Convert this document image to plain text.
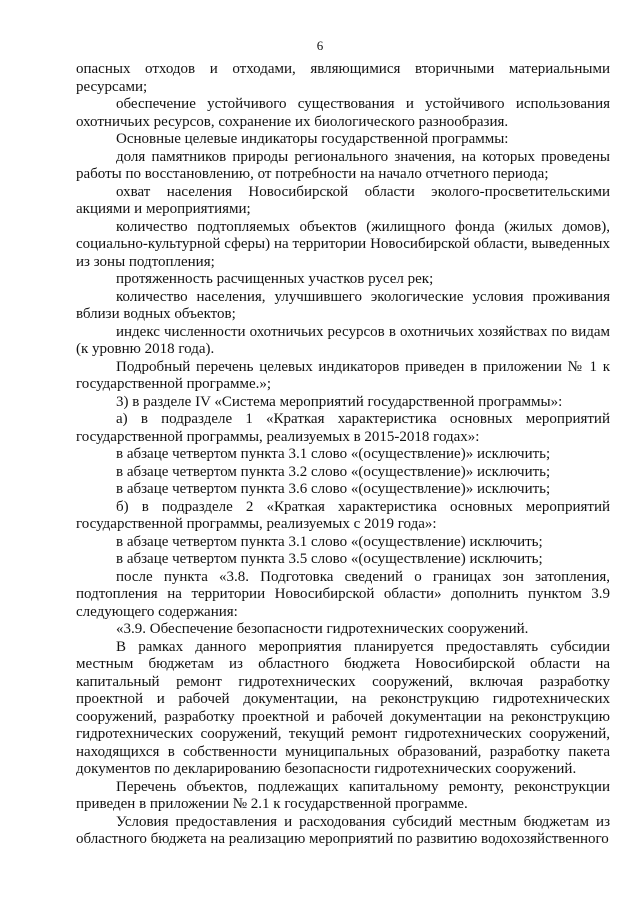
6

опасных отходов и отходами, являющимися вторичными материальными ресурсами;

обеспечение устойчивого существования и устойчивого использования охотничьих ресурсов, сохранение их биологического разнообразия.

Основные целевые индикаторы государственной программы:

доля памятников природы регионального значения, на которых проведены работы по восстановлению, от потребности на начало отчетного периода;

охват населения Новосибирской области эколого-просветительскими акциями и мероприятиями;

количество подтопляемых объектов (жилищного фонда (жилых домов), социально-культурной сферы) на территории Новосибирской области, выведенных из зоны подтопления;

протяженность расчищенных участков русел рек;

количество населения, улучшившего экологические условия проживания вблизи водных объектов;

индекс численности охотничьих ресурсов в охотничьих хозяйствах по видам (к уровню 2018 года).

Подробный перечень целевых индикаторов приведен в приложении № 1 к государственной программе.»;

3) в разделе IV «Система мероприятий государственной программы»:

а) в подразделе 1 «Краткая характеристика основных мероприятий государственной программы, реализуемых в 2015-2018 годах»:

в абзаце четвертом пункта 3.1 слово «(осуществление)» исключить;

в абзаце четвертом пункта 3.2 слово «(осуществление)» исключить;

в абзаце четвертом пункта 3.6 слово «(осуществление)» исключить;

б) в подразделе 2 «Краткая характеристика основных мероприятий государственной программы, реализуемых с 2019 года»:

в абзаце четвертом пункта 3.1 слово «(осуществление) исключить;

в абзаце четвертом пункта 3.5 слово «(осуществление) исключить;

после пункта «3.8. Подготовка сведений о границах зон затопления, подтопления на территории Новосибирской области» дополнить пунктом 3.9 следующего содержания:

«3.9. Обеспечение безопасности гидротехнических сооружений.

В рамках данного мероприятия планируется предоставлять субсидии местным бюджетам из областного бюджета Новосибирской области на капитальный ремонт гидротехнических сооружений, включая разработку проектной и рабочей документации, на реконструкцию гидротехнических сооружений, разработку проектной и рабочей документации на реконструкцию гидротехнических сооружений, текущий ремонт гидротехнических сооружений, находящихся в собственности муниципальных образований, разработку пакета документов по декларированию безопасности гидротехнических сооружений.

Перечень объектов, подлежащих капитальному ремонту, реконструкции приведен в приложении № 2.1 к государственной программе.

Условия предоставления и расходования субсидий местным бюджетам из областного бюджета на реализацию мероприятий по развитию водохозяйственного
